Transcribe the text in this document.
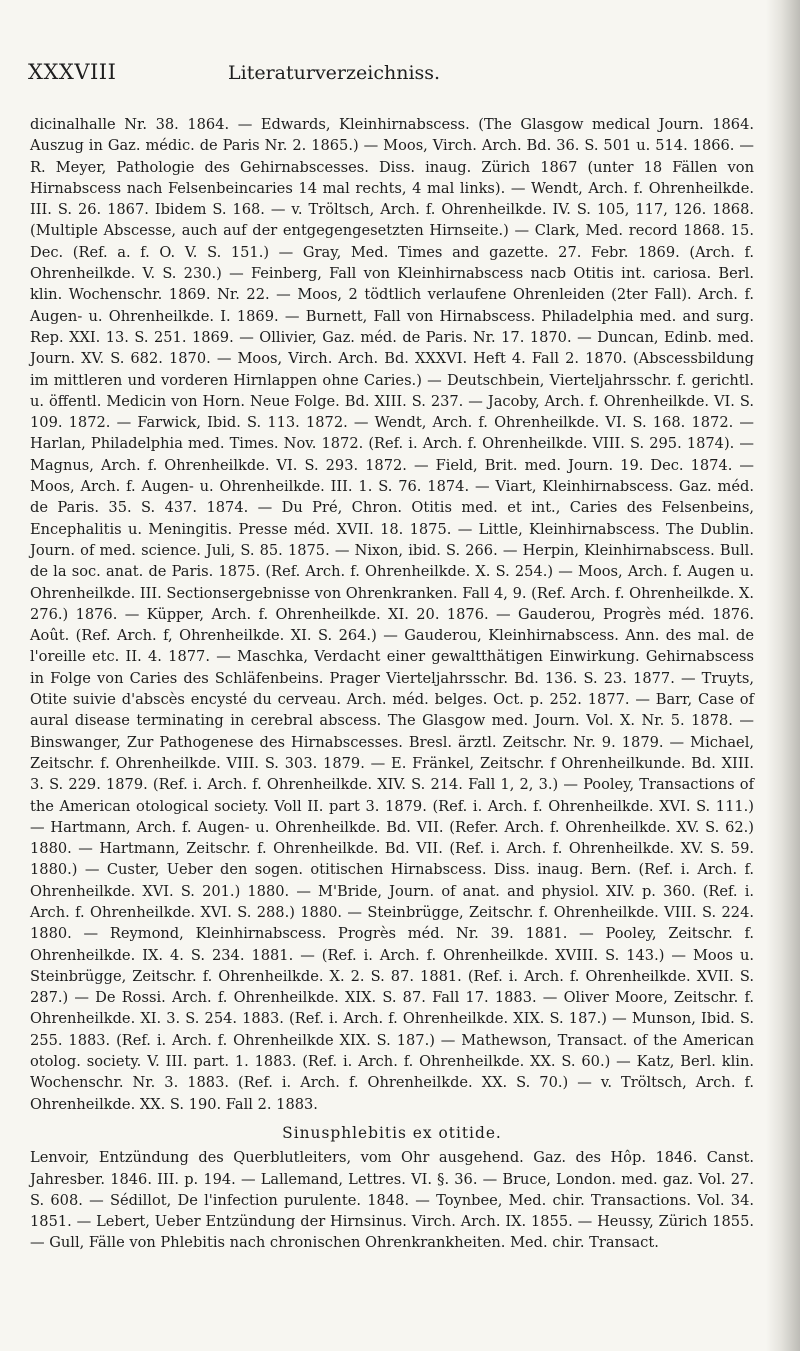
XXXVIII	Literaturverzeichniss.

dicinalhalle Nr. 38. 1864. — Edwards, Kleinhirnabscess. (The Glasgow medical Journ. 1864. Auszug in Gaz. médic. de Paris Nr. 2. 1865.) — Moos, Virch. Arch. Bd. 36. S. 501 u. 514. 1866. — R. Meyer, Pathologie des Gehirnabscesses. Diss. inaug. Zürich 1867 (unter 18 Fällen von Hirnabscess nach Felsenbeincaries 14 mal rechts, 4 mal links). — Wendt, Arch. f. Ohrenheilkde. III. S. 26. 1867. Ibidem S. 168. — v. Tröltsch, Arch. f. Ohrenheilkde. IV. S. 105, 117, 126. 1868. (Multiple Abscesse, auch auf der entgegengesetzten Hirnseite.) — Clark, Med. record 1868. 15. Dec. (Ref. a. f. O. V. S. 151.) — Gray, Med. Times and gazette. 27. Febr. 1869. (Arch. f. Ohrenheilkde. V. S. 230.) — Feinberg, Fall von Kleinhirnabscess nacb Otitis int. cariosa. Berl. klin. Wochenschr. 1869. Nr. 22. — Moos, 2 tödtlich verlaufene Ohrenleiden (2ter Fall). Arch. f. Augen- u. Ohrenheilkde. I. 1869. — Burnett, Fall von Hirnabscess. Philadelphia med. and surg. Rep. XXI. 13. S. 251. 1869. — Ollivier, Gaz. méd. de Paris. Nr. 17. 1870. — Duncan, Edinb. med. Journ. XV. S. 682. 1870. — Moos, Virch. Arch. Bd. XXXVI. Heft 4. Fall 2. 1870. (Abscessbildung im mittleren und vorderen Hirnlappen ohne Caries.) — Deutschbein, Vierteljahrsschr. f. gerichtl. u. öffentl. Medicin von Horn. Neue Folge. Bd. XIII. S. 237. — Jacoby, Arch. f. Ohrenheilkde. VI. S. 109. 1872. — Farwick, Ibid. S. 113. 1872. — Wendt, Arch. f. Ohrenheilkde. VI. S. 168. 1872. — Harlan, Philadelphia med. Times. Nov. 1872. (Ref. i. Arch. f. Ohrenheilkde. VIII. S. 295. 1874). — Magnus, Arch. f. Ohrenheilkde. VI. S. 293. 1872. — Field, Brit. med. Journ. 19. Dec. 1874. — Moos, Arch. f. Augen- u. Ohrenheilkde. III. 1. S. 76. 1874. — Viart, Kleinhirnabscess. Gaz. méd. de Paris. 35. S. 437. 1874. — Du Pré, Chron. Otitis med. et int., Caries des Felsenbeins, Encephalitis u. Meningitis. Presse méd. XVII. 18. 1875. — Little, Kleinhirnabscess. The Dublin. Journ. of med. science. Juli, S. 85. 1875. — Nixon, ibid. S. 266. — Herpin, Kleinhirnabscess. Bull. de la soc. anat. de Paris. 1875. (Ref. Arch. f. Ohrenheilkde. X. S. 254.) — Moos, Arch. f. Augen u. Ohrenheilkde. III. Sectionsergebnisse von Ohrenkranken. Fall 4, 9. (Ref. Arch. f. Ohrenheilkde. X. 276.) 1876. — Küpper, Arch. f. Ohrenheilkde. XI. 20. 1876. — Gauderou, Progrès méd. 1876. Août. (Ref. Arch. f, Ohrenheilkde. XI. S. 264.) — Gauderou, Kleinhirnabscess. Ann. des mal. de l'oreille etc. II. 4. 1877. — Maschka, Verdacht einer gewaltthätigen Einwirkung. Gehirnabscess in Folge von Caries des Schläfenbeins. Prager Vierteljahrsschr. Bd. 136. S. 23. 1877. — Truyts, Otite suivie d'abscès encysté du cerveau. Arch. méd. belges. Oct. p. 252. 1877. — Barr, Case of aural disease terminating in cerebral abscess. The Glasgow med. Journ. Vol. X. Nr. 5. 1878. — Binswanger, Zur Pathogenese des Hirnabscesses. Bresl. ärztl. Zeitschr. Nr. 9. 1879. — Michael, Zeitschr. f. Ohrenheilkde. VIII. S. 303. 1879. — E. Fränkel, Zeitschr. f Ohrenheilkunde. Bd. XIII. 3. S. 229. 1879. (Ref. i. Arch. f. Ohrenheilkde. XIV. S. 214. Fall 1, 2, 3.) — Pooley, Transactions of the American otological society. Voll II. part 3. 1879. (Ref. i. Arch. f. Ohrenheilkde. XVI. S. 111.) — Hartmann, Arch. f. Augen- u. Ohrenheilkde. Bd. VII. (Refer. Arch. f. Ohrenheilkde. XV. S. 62.) 1880. — Hartmann, Zeitschr. f. Ohrenheilkde. Bd. VII. (Ref. i. Arch. f. Ohrenheilkde. XV. S. 59. 1880.) — Custer, Ueber den sogen. otitischen Hirnabscess. Diss. inaug. Bern. (Ref. i. Arch. f. Ohrenheilkde. XVI. S. 201.) 1880. — M'Bride, Journ. of anat. and physiol. XIV. p. 360. (Ref. i. Arch. f. Ohrenheilkde. XVI. S. 288.) 1880. — Steinbrügge, Zeitschr. f. Ohrenheilkde. VIII. S. 224. 1880. — Reymond, Kleinhirnabscess. Progrès méd. Nr. 39. 1881. — Pooley, Zeitschr. f. Ohrenheilkde. IX. 4. S. 234. 1881. — (Ref. i. Arch. f. Ohrenheilkde. XVIII. S. 143.) — Moos u. Steinbrügge, Zeitschr. f. Ohrenheilkde. X. 2. S. 87. 1881. (Ref. i. Arch. f. Ohrenheilkde. XVII. S. 287.) — De Rossi. Arch. f. Ohrenheilkde. XIX. S. 87. Fall 17. 1883. — Oliver Moore, Zeitschr. f. Ohrenheilkde. XI. 3. S. 254. 1883. (Ref. i. Arch. f. Ohrenheilkde. XIX. S. 187.) — Munson, Ibid. S. 255. 1883. (Ref. i. Arch. f. Ohrenheilkde XIX. S. 187.) — Mathewson, Transact. of the American otolog. society. V. III. part. 1. 1883. (Ref. i. Arch. f. Ohrenheilkde. XX. S. 60.) — Katz, Berl. klin. Wochenschr. Nr. 3. 1883. (Ref. i. Arch. f. Ohrenheilkde. XX. S. 70.) — v. Tröltsch, Arch. f. Ohrenheilkde. XX. S. 190. Fall 2. 1883.

Sinusphlebitis ex otitide.

Lenvoir, Entzündung des Querblutleiters, vom Ohr ausgehend. Gaz. des Hôp. 1846. Canst. Jahresber. 1846. III. p. 194. — Lallemand, Lettres. VI. §. 36. — Bruce, London. med. gaz. Vol. 27. S. 608. — Sédillot, De l'infection purulente. 1848. — Toynbee, Med. chir. Transactions. Vol. 34. 1851. — Lebert, Ueber Entzündung der Hirnsinus. Virch. Arch. IX. 1855. — Heussy, Zürich 1855. — Gull, Fälle von Phlebitis nach chronischen Ohrenkrankheiten. Med. chir. Transact.
